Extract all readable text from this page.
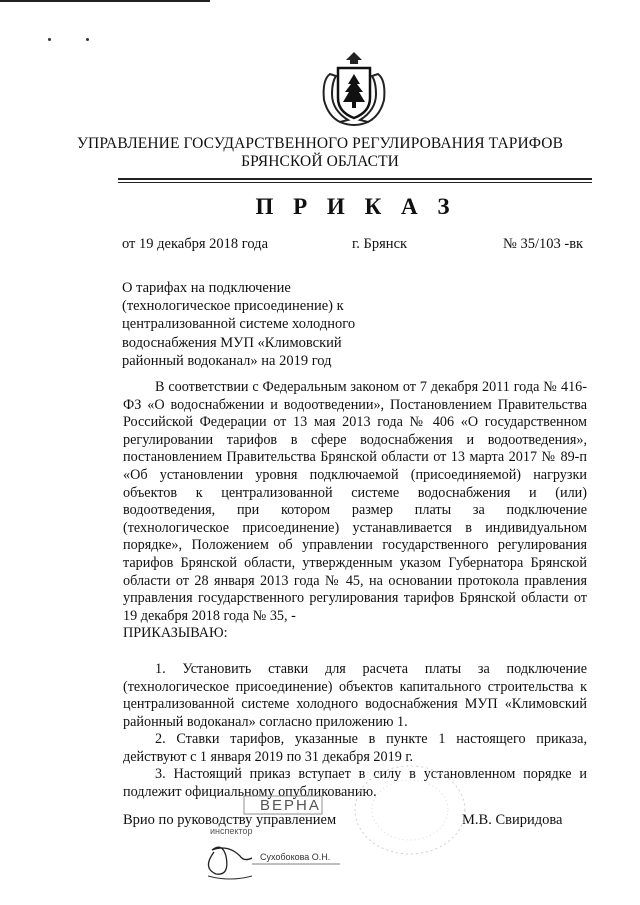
УПРАВЛЕНИЕ ГОСУДАРСТВЕННОГО РЕГУЛИРОВАНИЯ ТАРИФОВ
БРЯНСКОЙ ОБЛАСТИ
П Р И К А З
от 19 декабря 2018 года	г. Брянск	№ 35/103 -вк
О тарифах на подключение (технологическое присоединение) к централизованной системе холодного водоснабжения МУП «Климовский районный водоканал» на 2019 год

В соответствии с Федеральным законом от 7 декабря 2011 года № 416-ФЗ «О водоснабжении и водоотведении», Постановлением Правительства Российской Федерации от 13 мая 2013 года № 406 «О государственном регулировании тарифов в сфере водоснабжения и водоотведения», постановлением Правительства Брянской области от 13 марта 2017 № 89-п «Об установлении уровня подключаемой (присоединяемой) нагрузки объектов к централизованной системе водоснабжения и (или) водоотведения, при котором размер платы за подключение (технологическое присоединение) устанавливается в индивидуальном порядке», Положением об управлении государственного регулирования тарифов Брянской области, утвержденным указом Губернатора Брянской области от 28 января 2013 года № 45, на основании протокола правления управления государственного регулирования тарифов Брянской области от 19 декабря 2018 года № 35, -

ПРИКАЗЫВАЮ:

1. Установить ставки для расчета платы за подключение (технологическое присоединение) объектов капитального строительства к централизованной системе холодного водоснабжения МУП «Климовский районный водоканал» согласно приложению 1.

2. Ставки тарифов, указанные в пункте 1 настоящего приказа, действуют с 1 января 2019 по 31 декабря 2019 г.

3. Настоящий приказ вступает в силу в установленном порядке и подлежит официальному опубликованию.

Врио по руководству управлением	М.В. Свиридова
ВЕРНА
инспектор
Сухобокова О.Н.
